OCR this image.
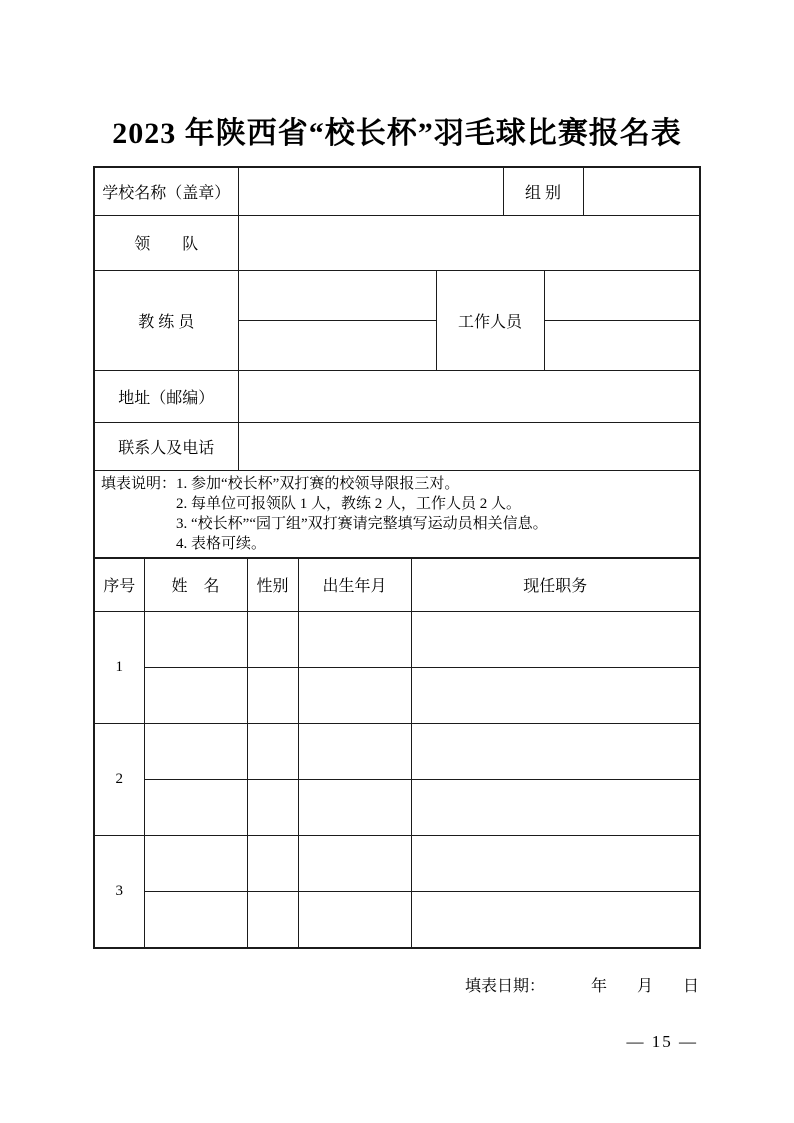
2023 年陕西省“校长杯”羽毛球比赛报名表
学校名称（盖章）			组 别		
领　　队					
教 练 员		工作人员			

地址（邮编）					
联系人及电话					

填表说明： 1. 参加“校长杯”双打赛的校领导限报三对。
2. 每单位可报领队 1 人，教练 2 人，工作人员 2 人。
3. “校长杯”“园丁组”双打赛请完整填写运动员相关信息。
4. 表格可续。					
序号	姓　名	性别	出生年月	现任职务
1				

2				

3				

填表日期：	年 月 日
— 15 —
